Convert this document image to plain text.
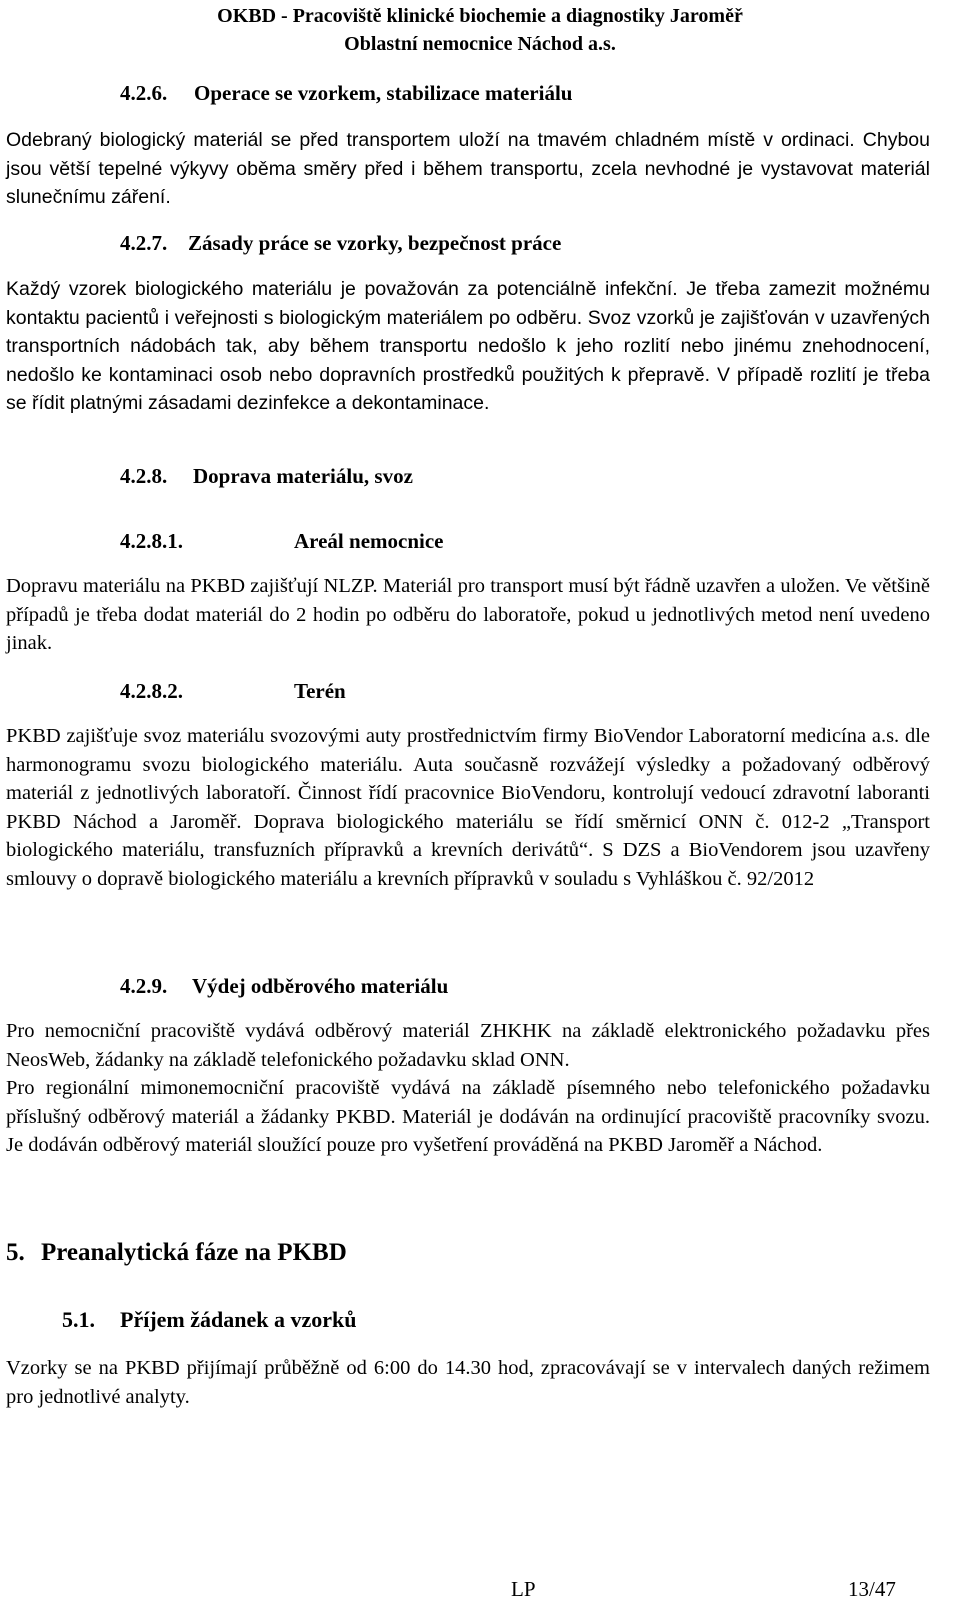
OKBD - Pracoviště klinické biochemie a diagnostiky Jaroměř
Oblastní nemocnice Náchod a.s.
4.2.6. Operace se vzorkem, stabilizace materiálu
Odebraný biologický materiál se před transportem uloží na tmavém chladném místě v ordinaci. Chybou jsou větší tepelné výkyvy oběma směry před i během transportu, zcela nevhodné je vystavovat materiál slunečnímu záření.
4.2.7. Zásady práce se vzorky, bezpečnost práce
Každý vzorek biologického materiálu je považován za potenciálně infekční. Je třeba zamezit možnému kontaktu pacientů i veřejnosti s biologickým materiálem po odběru. Svoz vzorků je zajišťován v uzavřených transportních nádobách tak, aby během transportu nedošlo k jeho rozlití nebo jinému znehodnocení, nedošlo ke kontaminaci osob nebo dopravních prostředků použitých k přepravě. V případě rozlití je třeba se řídit platnými zásadami dezinfekce a dekontaminace.
4.2.8. Doprava materiálu, svoz
4.2.8.1.	Areál nemocnice
Dopravu materiálu na PKBD zajišťují NLZP. Materiál pro transport musí být řádně uzavřen a uložen. Ve většině případů je třeba dodat materiál do 2 hodin po odběru do laboratoře, pokud u jednotlivých metod není uvedeno jinak.
4.2.8.2.	Terén
PKBD zajišťuje svoz materiálu svozovými auty prostřednictvím firmy BioVendor Laboratorní medicína a.s. dle harmonogramu svozu biologického materiálu. Auta současně rozvážejí výsledky a požadovaný odběrový materiál z jednotlivých laboratoří. Činnost řídí pracovnice BioVendoru, kontrolují vedoucí zdravotní laboranti PKBD Náchod a Jaroměř. Doprava biologického materiálu se řídí směrnicí ONN č. 012-2 „Transport biologického materiálu, transfuzních přípravků a krevních derivátů“. S DZS a BioVendorem jsou uzavřeny smlouvy o dopravě biologického materiálu a krevních přípravků v souladu s Vyhláškou č. 92/2012
4.2.9. Výdej odběrového materiálu
Pro nemocniční pracoviště vydává odběrový materiál ZHKHK na základě elektronického požadavku přes NeosWeb, žádanky na základě telefonického požadavku sklad ONN.
Pro regionální mimonemocniční pracoviště vydává na základě písemného nebo telefonického požadavku příslušný odběrový materiál a žádanky PKBD. Materiál je dodáván na ordinující pracoviště pracovníky svozu. Je dodáván odběrový materiál sloužící pouze pro vyšetření prováděná na PKBD Jaroměř a Náchod.
5. Preanalytická fáze na PKBD
5.1. Příjem žádanek a vzorků
Vzorky se na PKBD přijímají průběžně od 6:00 do 14.30 hod, zpracovávají se v intervalech daných režimem pro jednotlivé analyty.
LP	13/47
